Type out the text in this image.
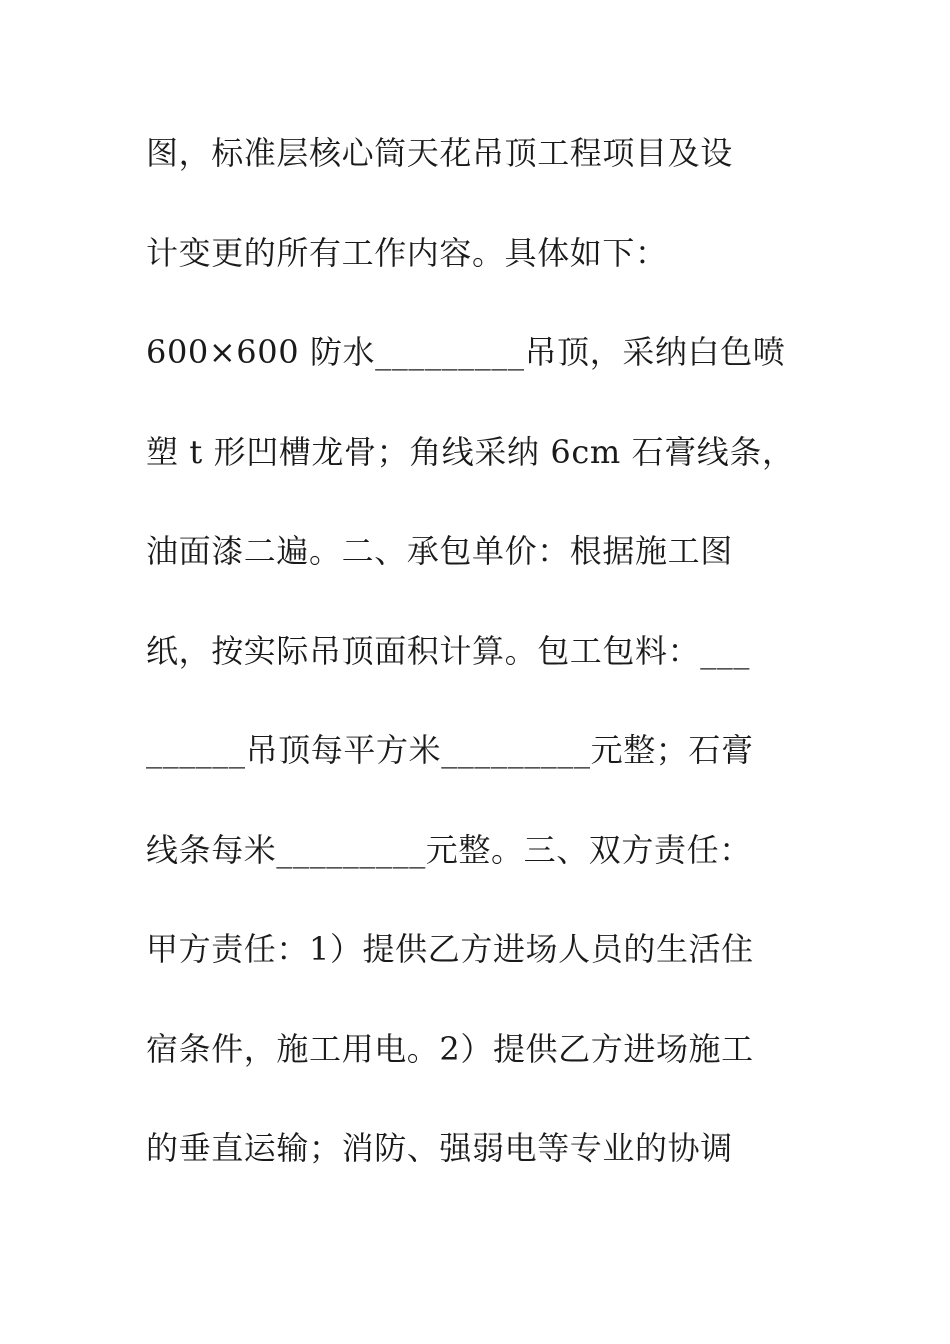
图，标准层核心筒天花吊顶工程项目及设
计变更的所有工作内容。具体如下：
600×600 防水_________吊顶，采纳白色喷
塑 t 形凹槽龙骨；角线采纳 6cm 石膏线条，
油面漆二遍。二、承包单价：根据施工图
纸，按实际吊顶面积计算。包工包料：___
______吊顶每平方米_________元整；石膏
线条每米_________元整。三、双方责任：
甲方责任：1）提供乙方进场人员的生活住
宿条件，施工用电。2）提供乙方进场施工
的垂直运输；消防、强弱电等专业的协调
